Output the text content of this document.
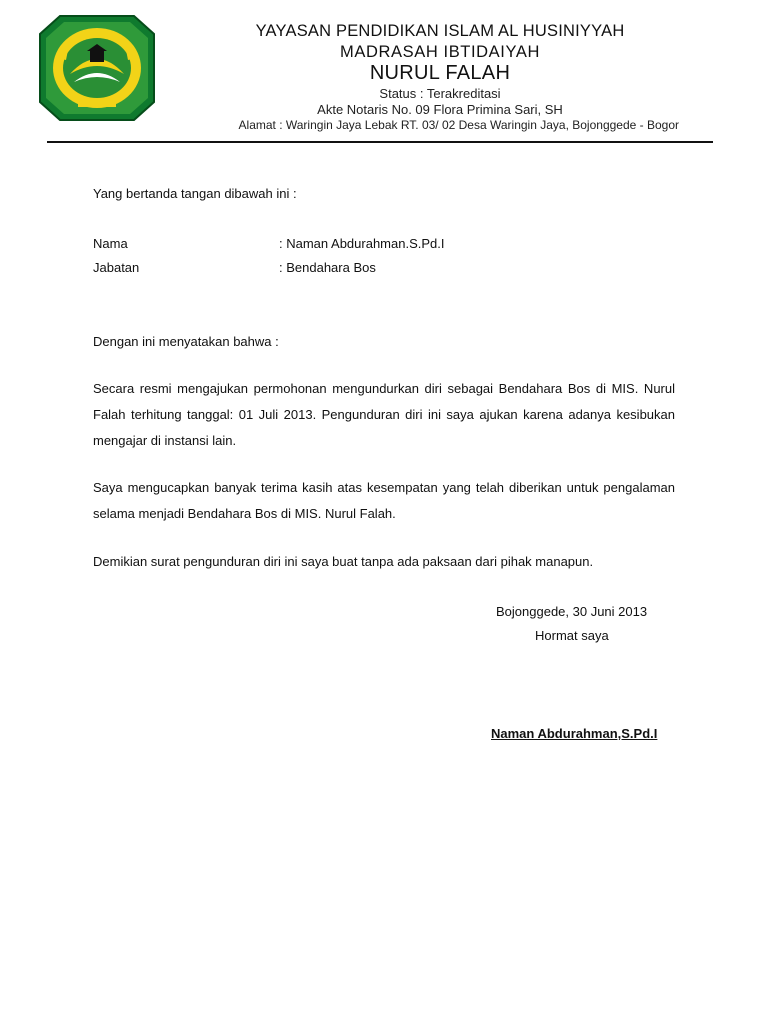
YAYASAN PENDIDIKAN ISLAM AL HUSINIYYAH
MADRASAH IBTIDAIYAH
NURUL FALAH
Status : Terakreditasi
Akte Notaris No. 09 Flora Primina Sari, SH
Alamat : Waringin Jaya Lebak RT. 03/ 02 Desa Waringin Jaya, Bojonggede - Bogor
Yang bertanda tangan dibawah ini :
Nama	: Naman Abdurahman.S.Pd.I
Jabatan	: Bendahara Bos
Dengan ini menyatakan bahwa :
Secara resmi mengajukan permohonan mengundurkan diri sebagai Bendahara Bos di MIS. Nurul
Falah terhitung tanggal: 01 Juli 2013. Pengunduran diri ini saya ajukan karena adanya kesibukan
mengajar di instansi lain.
Saya mengucapkan banyak terima kasih atas kesempatan yang telah diberikan untuk pengalaman
selama menjadi Bendahara Bos di MIS. Nurul Falah.
Demikian surat pengunduran diri ini saya buat tanpa ada paksaan dari pihak manapun.
Bojonggede, 30 Juni 2013
Hormat saya
Naman Abdurahman,S.Pd.I
